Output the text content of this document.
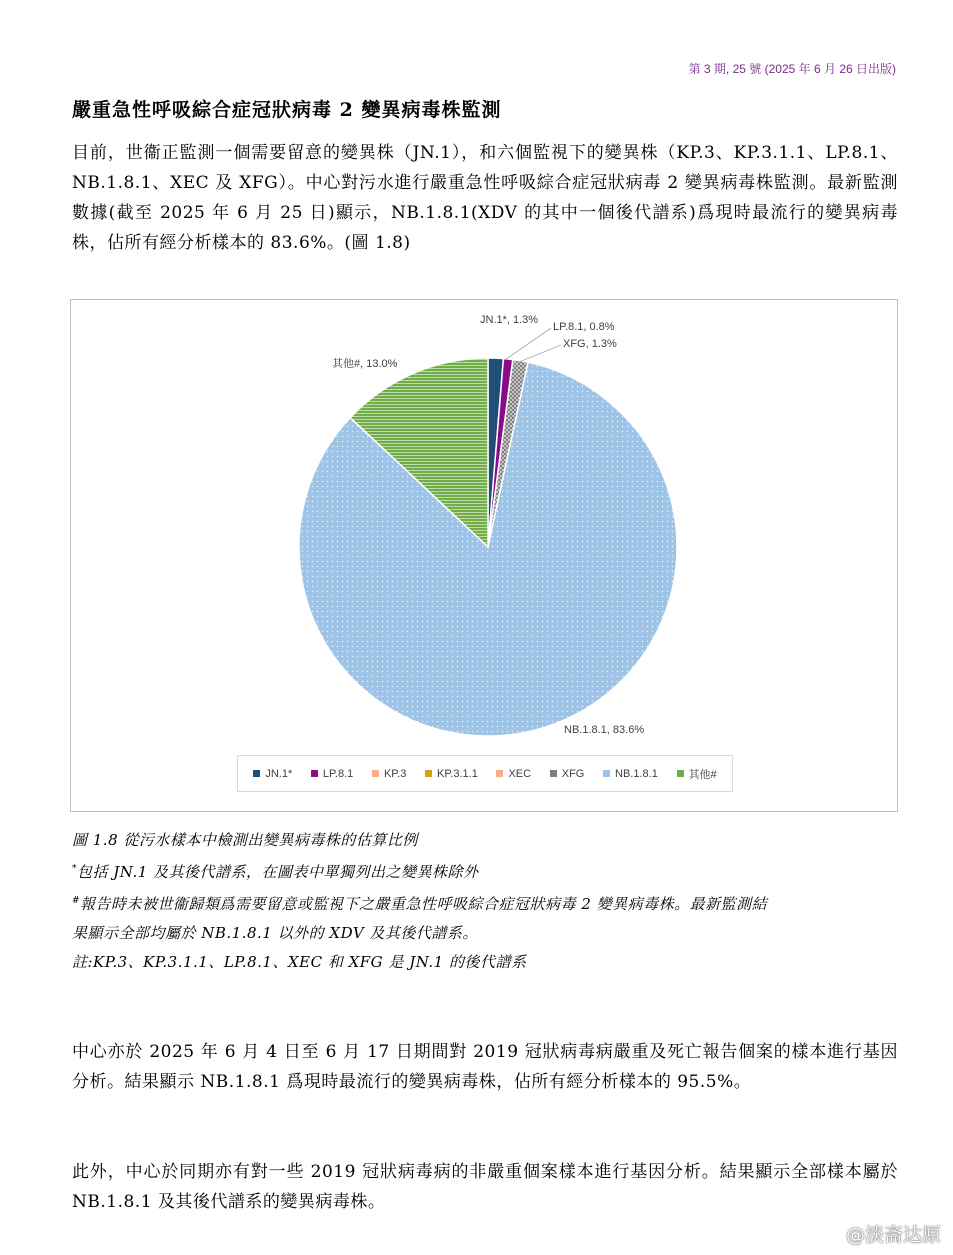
第 3 期, 25 號 (2025 年 6 月 26 日出版)
嚴重急性呼吸綜合症冠狀病毒 2 變異病毒株監測
目前，世衞正監測一個需要留意的變異株（JN.1），和六個監視下的變異株（KP.3、KP.3.1.1、LP.8.1、NB.1.8.1、XEC 及 XFG）。中心對污水進行嚴重急性呼吸綜合症冠狀病毒 2 變異病毒株監測。最新監測數據(截至 2025 年 6 月 25 日)顯示，NB.1.8.1(XDV 的其中一個後代譜系)爲現時最流行的變異病毒株，佔所有經分析樣本的 83.6%。(圖 1.8)
JN.1*, 1.3%
LP.8.1, 0.8%
XFG, 1.3%
NB.1.8.1, 83.6%
其他#, 13.0%
JN.1*	LP.8.1	KP.3	KP.3.1.1	XEC	XFG	NB.1.8.1	其他#
圖 1.8 從污水樣本中檢測出變異病毒株的估算比例
*包括 JN.1 及其後代譜系，在圖表中單獨列出之變異株除外
#報告時未被世衞歸類爲需要留意或監視下之嚴重急性呼吸綜合症冠狀病毒 2 變異病毒株。最新監測結
果顯示全部均屬於 NB.1.8.1 以外的 XDV 及其後代譜系。
註:KP.3、KP.3.1.1、LP.8.1、XEC 和 XFG 是 JN.1 的後代譜系
中心亦於 2025 年 6 月 4 日至 6 月 17 日期間對 2019 冠狀病毒病嚴重及死亡報告個案的樣本進行基因分析。結果顯示 NB.1.8.1 爲現時最流行的變異病毒株，佔所有經分析樣本的 95.5%。
此外，中心於同期亦有對一些 2019 冠狀病毒病的非嚴重個案樣本進行基因分析。結果顯示全部樣本屬於 NB.1.8.1 及其後代譜系的變異病毒株。
@淡斋达原
